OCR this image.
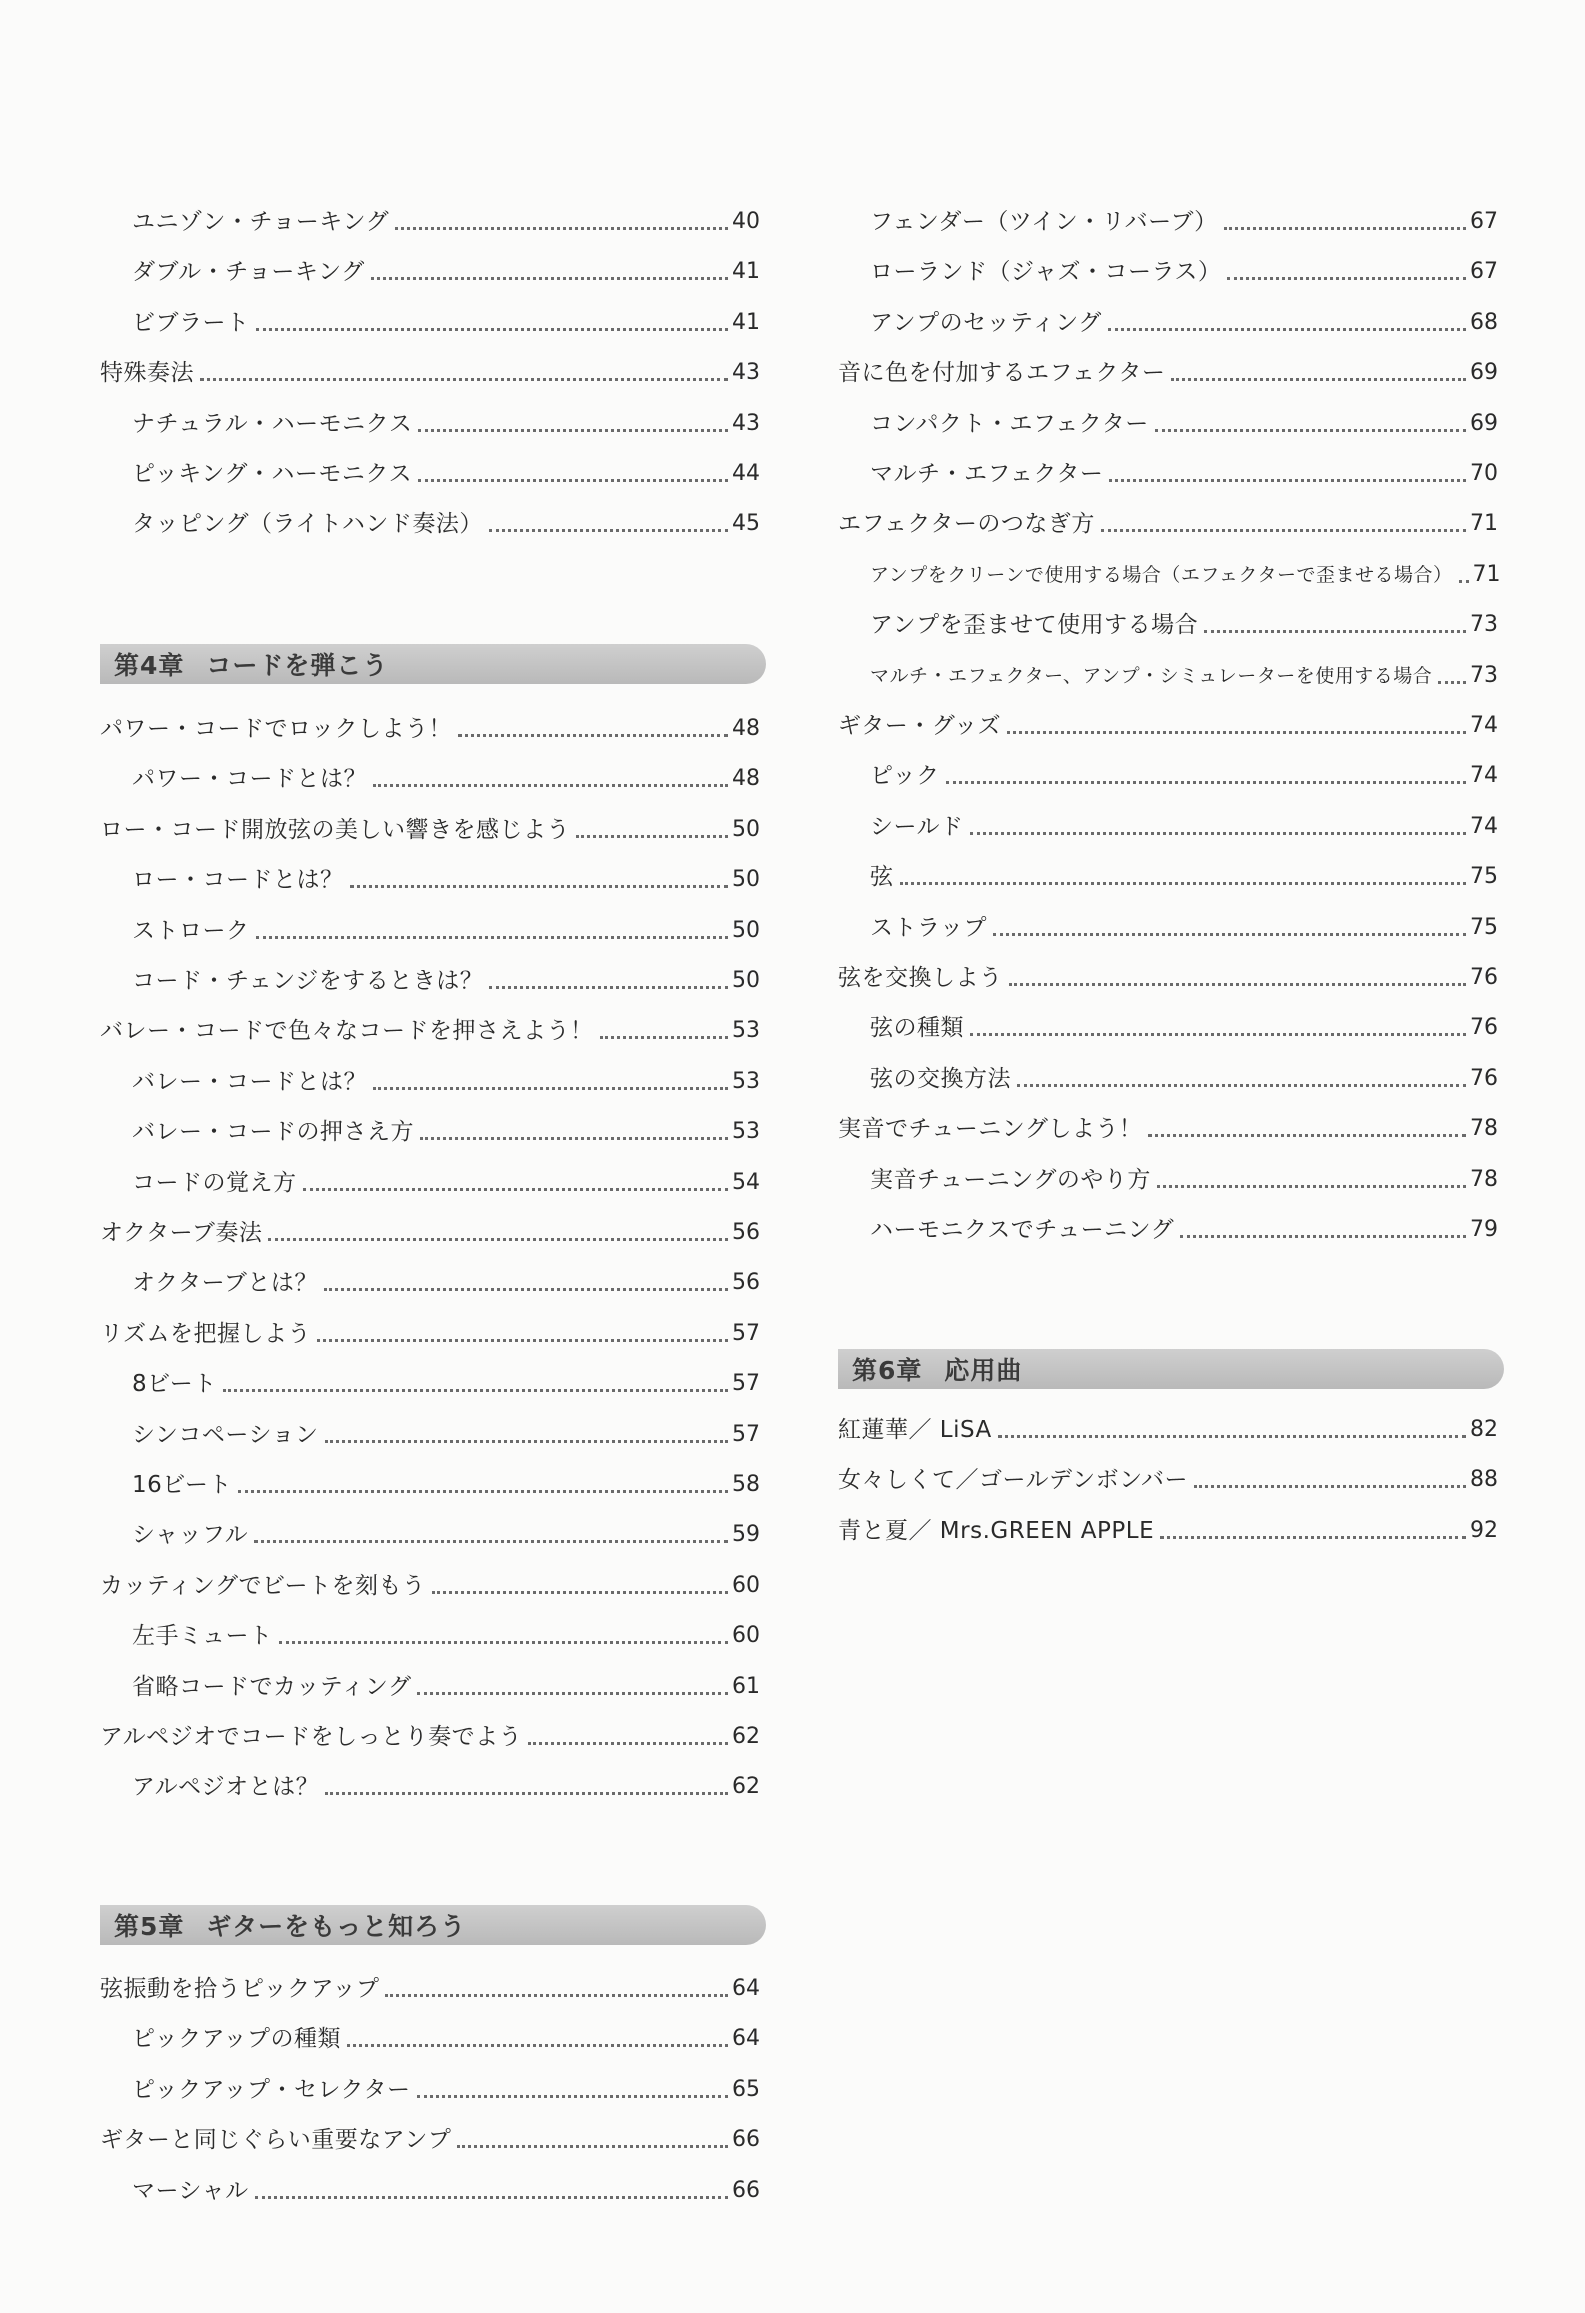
ユニゾン・チョーキング	40
ダブル・チョーキング	41
ビブラート	41
特殊奏法	43
ナチュラル・ハーモニクス	43
ピッキング・ハーモニクス	44
タッピング（ライトハンド奏法）	45
第4章 コードを弾こう
パワー・コードでロックしよう！	48
パワー・コードとは？	48
ロー・コード開放弦の美しい響きを感じよう	50
ロー・コードとは？	50
ストローク	50
コード・チェンジをするときは？	50
バレー・コードで色々なコードを押さえよう！	53
バレー・コードとは？	53
バレー・コードの押さえ方	53
コードの覚え方	54
オクターブ奏法	56
オクターブとは？	56
リズムを把握しよう	57
8ビート	57
シンコペーション	57
16ビート	58
シャッフル	59
カッティングでビートを刻もう	60
左手ミュート	60
省略コードでカッティング	61
アルペジオでコードをしっとり奏でよう	62
アルペジオとは？	62
第5章 ギターをもっと知ろう
弦振動を拾うピックアップ	64
ピックアップの種類	64
ピックアップ・セレクター	65
ギターと同じぐらい重要なアンプ	66
マーシャル	66
フェンダー（ツイン・リバーブ）	67
ローランド（ジャズ・コーラス）	67
アンプのセッティング	68
音に色を付加するエフェクター	69
コンパクト・エフェクター	69
マルチ・エフェクター	70
エフェクターのつなぎ方	71
アンプをクリーンで使用する場合（エフェクターで歪ませる場合） 71
アンプを歪ませて使用する場合	73
マルチ・エフェクター、アンプ・シミュレーターを使用する場合 73
ギター・グッズ	74
ピック	74
シールド	74
弦	75
ストラップ	75
弦を交換しよう	76
弦の種類	76
弦の交換方法	76
実音でチューニングしよう！	78
実音チューニングのやり方	78
ハーモニクスでチューニング	79
第6章 応用曲
紅蓮華／ LiSA	82
女々しくて／ゴールデンボンバー	88
青と夏／ Mrs.GREEN APPLE	92
